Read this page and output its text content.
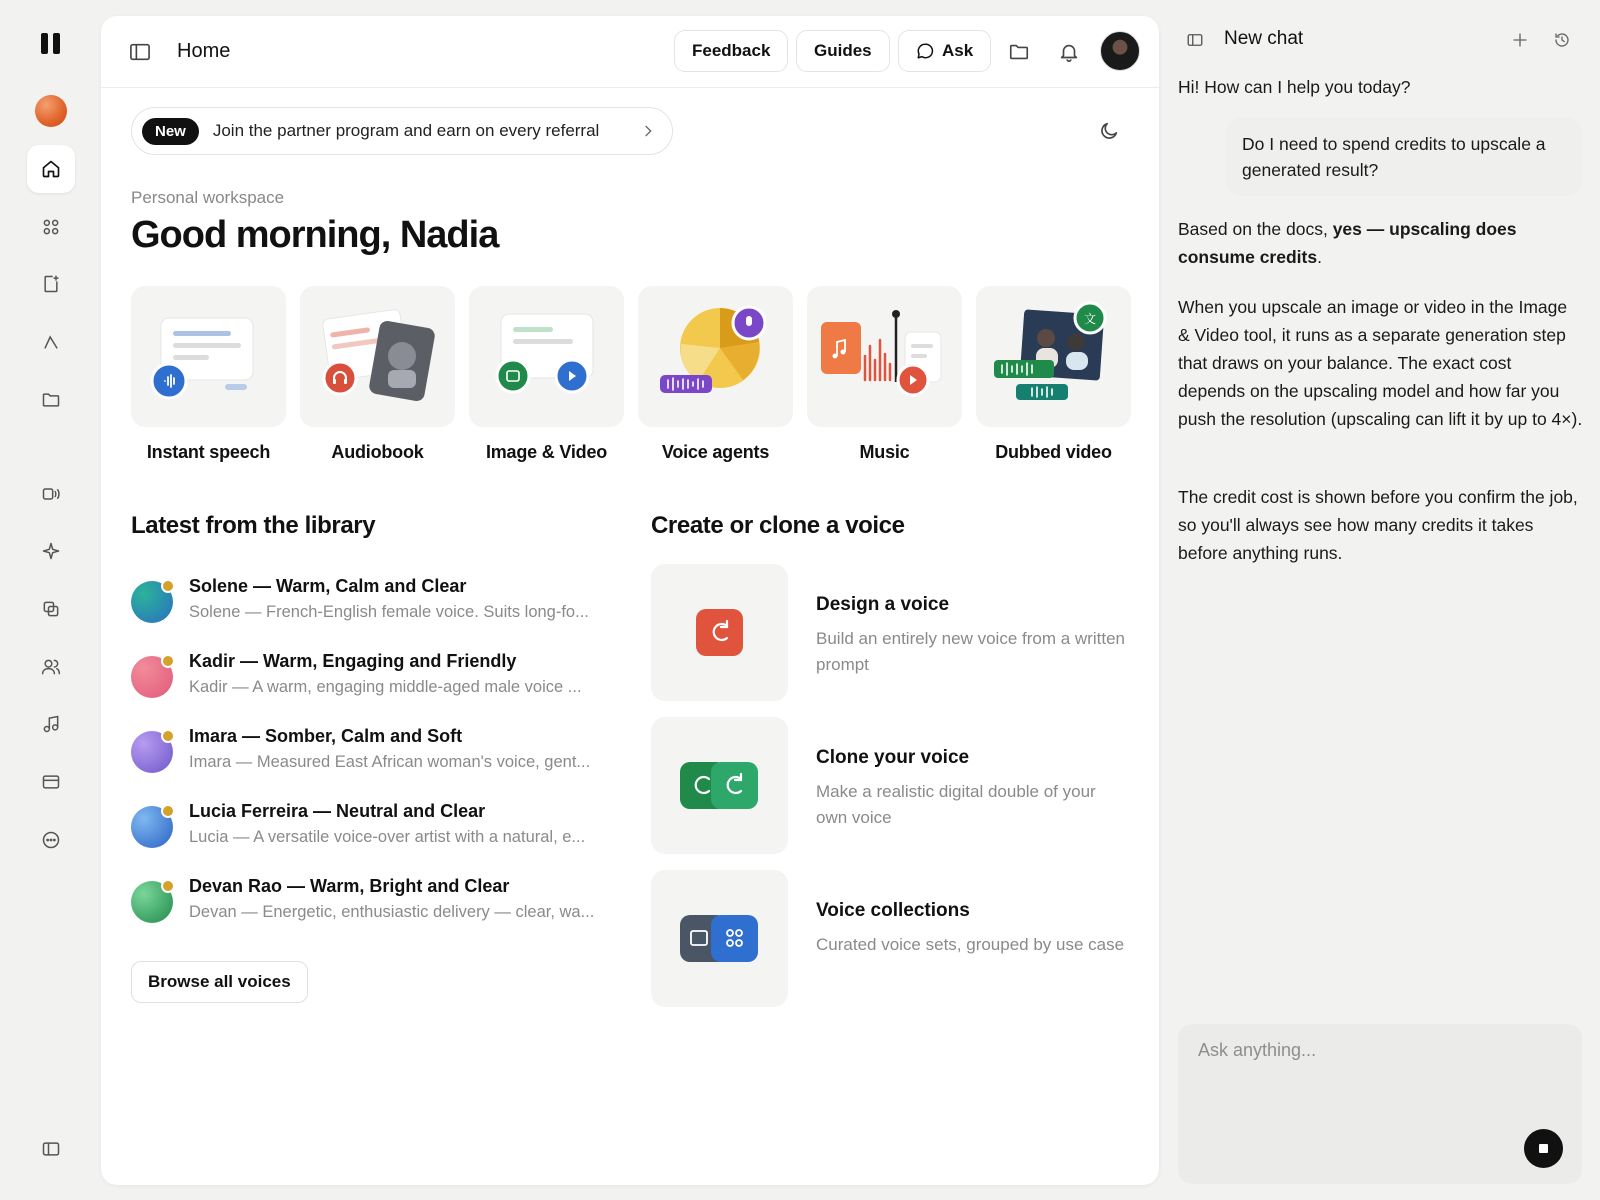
Home	Feedback	Guides	Ask
New	Join the partner program and earn on every referral
Personal workspace
Good morning, Nadia
Instant speech	Audiobook	Image & Video	Voice agents	Music
文
Dubbed video
Latest from the library
Solene — Warm, Calm and Clear
Solene — French-English female voice. Suits long-fo...
Kadir — Warm, Engaging and Friendly
Kadir — A warm, engaging middle-aged male voice ...
Imara — Somber, Calm and Soft
Imara — Measured East African woman's voice, gent...
Lucia Ferreira — Neutral and Clear
Lucia — A versatile voice-over artist with a natural, e...
Devan Rao — Warm, Bright and Clear
Devan — Energetic, enthusiastic delivery — clear, wa...
Browse all voices
Create or clone a voice
Design a voice
Build an entirely new voice from a written prompt
Clone your voice
Make a realistic digital double of your own voice
Voice collections
Curated voice sets, grouped by use case
New chat
Hi! How can I help you today?
Do I need to spend credits to upscale a generated result?
Based on the docs, yes — upscaling does consume credits.
When you upscale an image or video in the Image & Video tool, it runs as a separate generation step that draws on your balance. The exact cost depends on the upscaling model and how far you push the resolution (upscaling can lift it by up to 4×).
The credit cost is shown before you confirm the job, so you'll always see how many credits it takes before anything runs.
Ask anything...
